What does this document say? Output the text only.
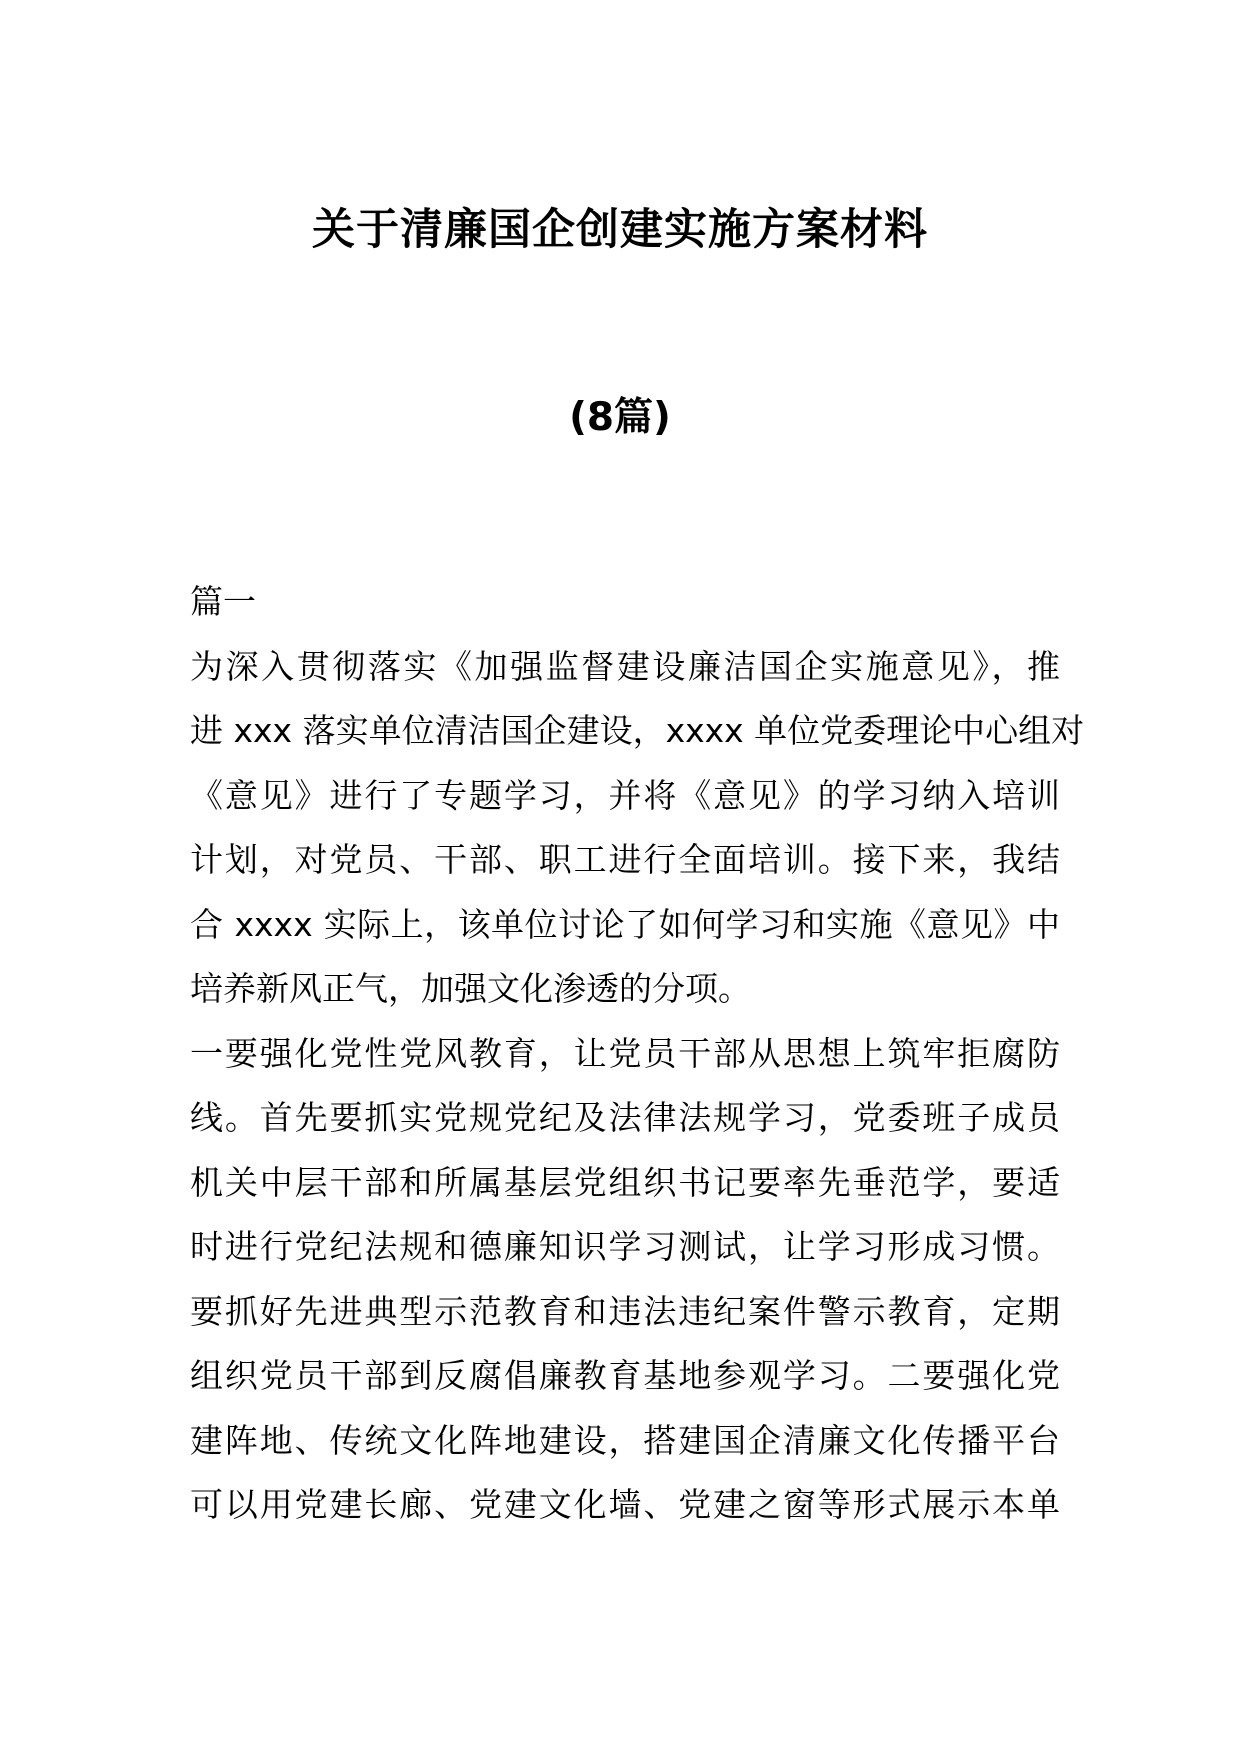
关于清廉国企创建实施方案材料
(8篇)
篇一
为深入贯彻落实《加强监督建设廉洁国企实施意见》，推
进 xxx 落实单位清洁国企建设，xxxx 单位党委理论中心组对
《意见》进行了专题学习，并将《意见》的学习纳入培训
计划，对党员、干部、职工进行全面培训。接下来，我结
合 xxxx 实际上，该单位讨论了如何学习和实施《意见》中
培养新风正气，加强文化渗透的分项。
一要强化党性党风教育，让党员干部从思想上筑牢拒腐防
线。首先要抓实党规党纪及法律法规学习，党委班子成员
机关中层干部和所属基层党组织书记要率先垂范学，要适
时进行党纪法规和德廉知识学习测试，让学习形成习惯。
要抓好先进典型示范教育和违法违纪案件警示教育，定期
组织党员干部到反腐倡廉教育基地参观学习。二要强化党
建阵地、传统文化阵地建设，搭建国企清廉文化传播平台
可以用党建长廊、党建文化墙、党建之窗等形式展示本单
